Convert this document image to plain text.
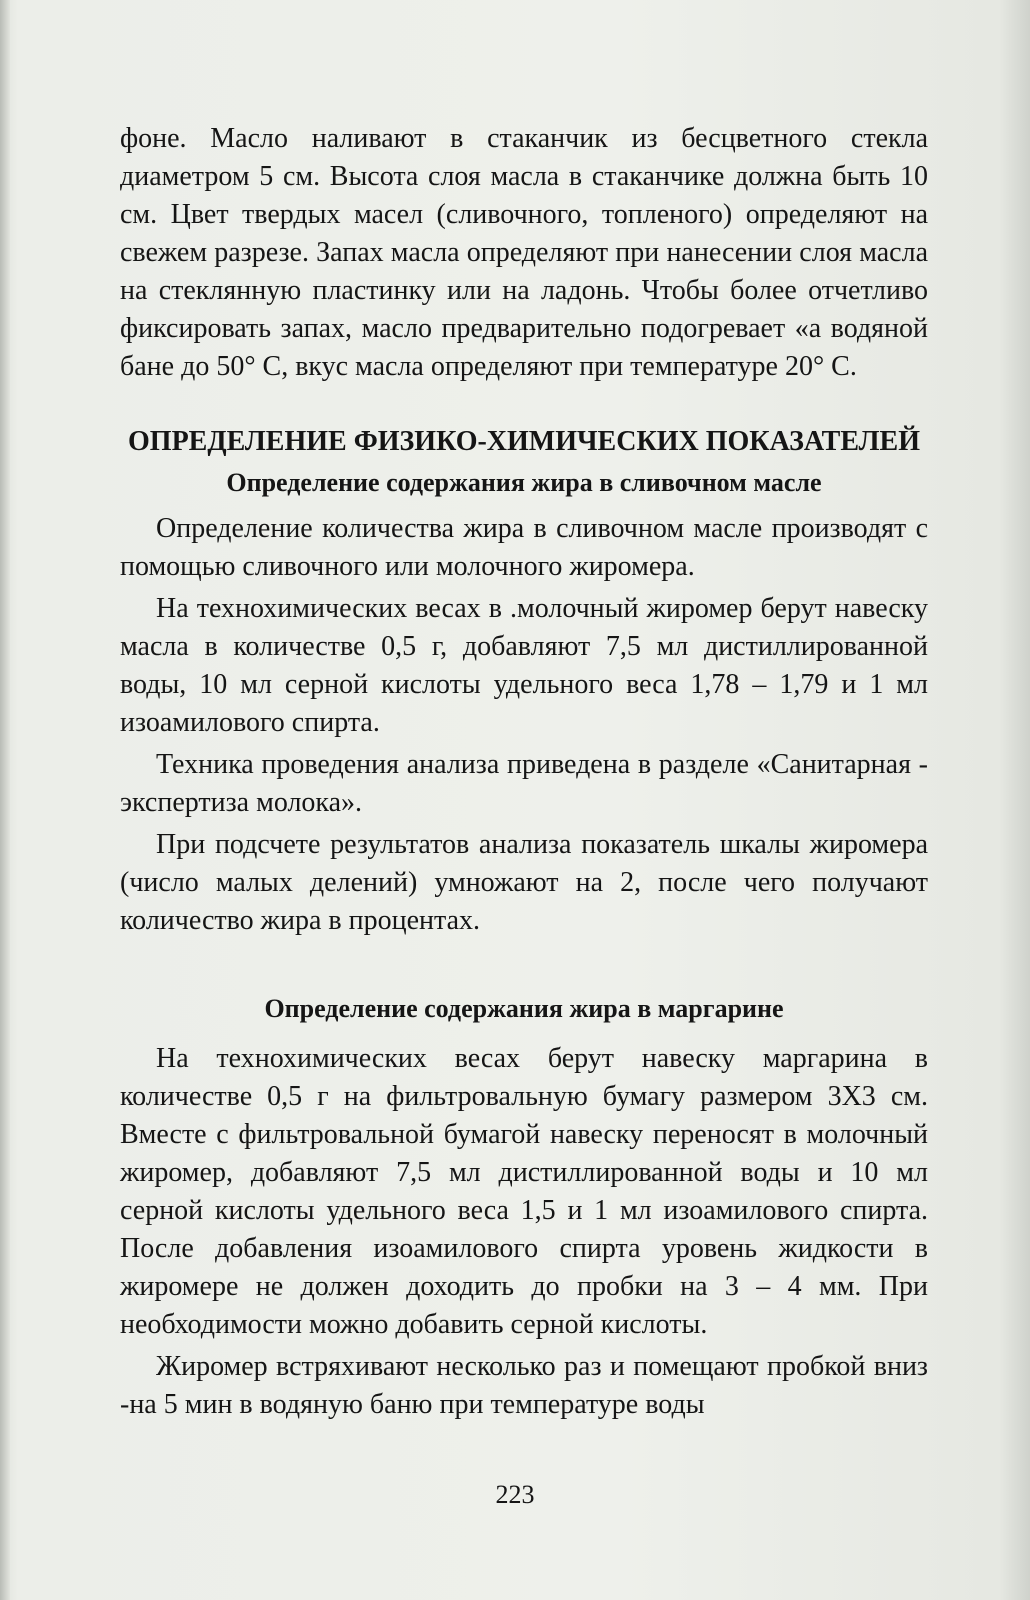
фоне. Масло наливают в стаканчик из бесцветного стекла диаметром 5 см. Высота слоя масла в стаканчике должна быть 10 см. Цвет твердых масел (сливочного, топленого) определяют на свежем разрезе. Запах масла определяют при нанесении слоя масла на стеклянную пластинку или на ладонь. Чтобы более отчетливо фиксировать запах, масло предварительно подогревает «а водяной бане до 50° С, вкус масла определяют при температуре 20° С.

ОПРЕДЕЛЕНИЕ ФИЗИКО-ХИМИЧЕСКИХ ПОКАЗАТЕЛЕЙ
Определение содержания жира в сливочном масле

Определение количества жира в сливочном масле производят с помощью сливочного или молочного жиромера.

На технохимических весах в .молочный жиромер берут навеску масла в количестве 0,5 г, добавляют 7,5 мл дистиллированной воды, 10 мл серной кислоты удельного веса 1,78 – 1,79 и 1 мл изоамилового спирта.

Техника проведения анализа приведена в разделе «Санитарная - экспертиза молока».

При подсчете результатов анализа показатель шкалы жиромера (число малых делений) умножают на 2, после чего получают количество жира в процентах.

Определение содержания жира в маргарине

На технохимических весах берут навеску маргарина в количестве 0,5 г на фильтровальную бумагу размером 3X3 см. Вместе с фильтровальной бумагой навеску переносят в молочный жиромер, добавляют 7,5 мл дистиллированной воды и 10 мл серной кислоты удельного веса 1,5 и 1 мл изоамилового спирта. После добавления изоамилового спирта уровень жидкости в жиромере не должен доходить до пробки на 3 – 4 мм. При необходимости можно добавить серной кислоты.

Жиромер встряхивают несколько раз и помещают пробкой вниз -на 5 мин в водяную баню при температуре воды

223
